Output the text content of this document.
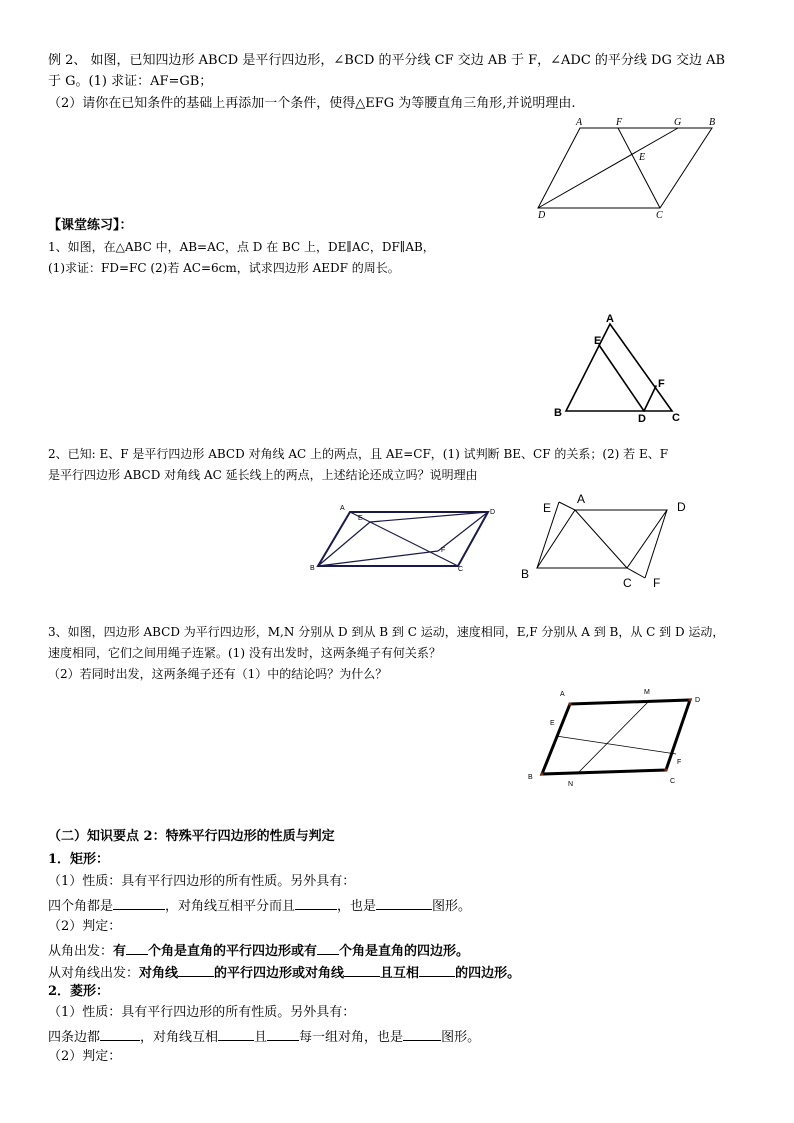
例 2、 如图，已知四边形 ABCD 是平行四边形，∠BCD 的平分线 CF 交边 AB 于 F，∠ADC 的平分线 DG 交边 AB
于 G。(1) 求证：AF=GB；
（2）请你在已知条件的基础上再添加一个条件，使得△EFG 为等腰直角三角形,并说明理由.
A	F	G	B
E
D	C
【课堂练习】：
1、如图，在△ABC 中，AB=AC，点 D 在 BC 上，DE∥AC，DF∥AB，
(1)求证：FD=FC (2)若 AC=6cm，试求四边形 AEDF 的周长。
A
E
F
B	D C
2、已知: E、F 是平行四边形 ABCD 对角线 AC 上的两点，且 AE=CF，(1) 试判断 BE、CF 的关系；(2) 若 E、F
是平行四边形 ABCD 对角线 AC 延长线上的两点，上述结论还成立吗？说明理由
A
E
D
F
B	C
E
A
D
B
C F
3、如图，四边形 ABCD 为平行四边形，M,N 分别从 D 到从 B 到 C 运动，速度相同，E,F 分别从 A 到 B，从 C 到 D 运动，
速度相同，它们之间用绳子连紧。(1) 没有出发时，这两条绳子有何关系？
（2）若同时出发，这两条绳子还有（1）中的结论吗？为什么？
A	M
D
E
B
N
F
C
（二）知识要点 2：特殊平行四边形的性质与判定
1．矩形：
（1）性质：具有平行四边形的所有性质。另外具有：
四个角都是	，对角线互相平分而且	，也是	图形。
（2）判定：
从角出发：有 个角是直角的平行四边形或有 个角是直角的四边形。
从对角线出发：对角线	的平行四边形或对角线	且互相	的四边形。
2．菱形：
（1）性质：具有平行四边形的所有性质。另外具有：
四条边都	，对角线互相	且 每一组对角，也是	图形。
（2）判定：
